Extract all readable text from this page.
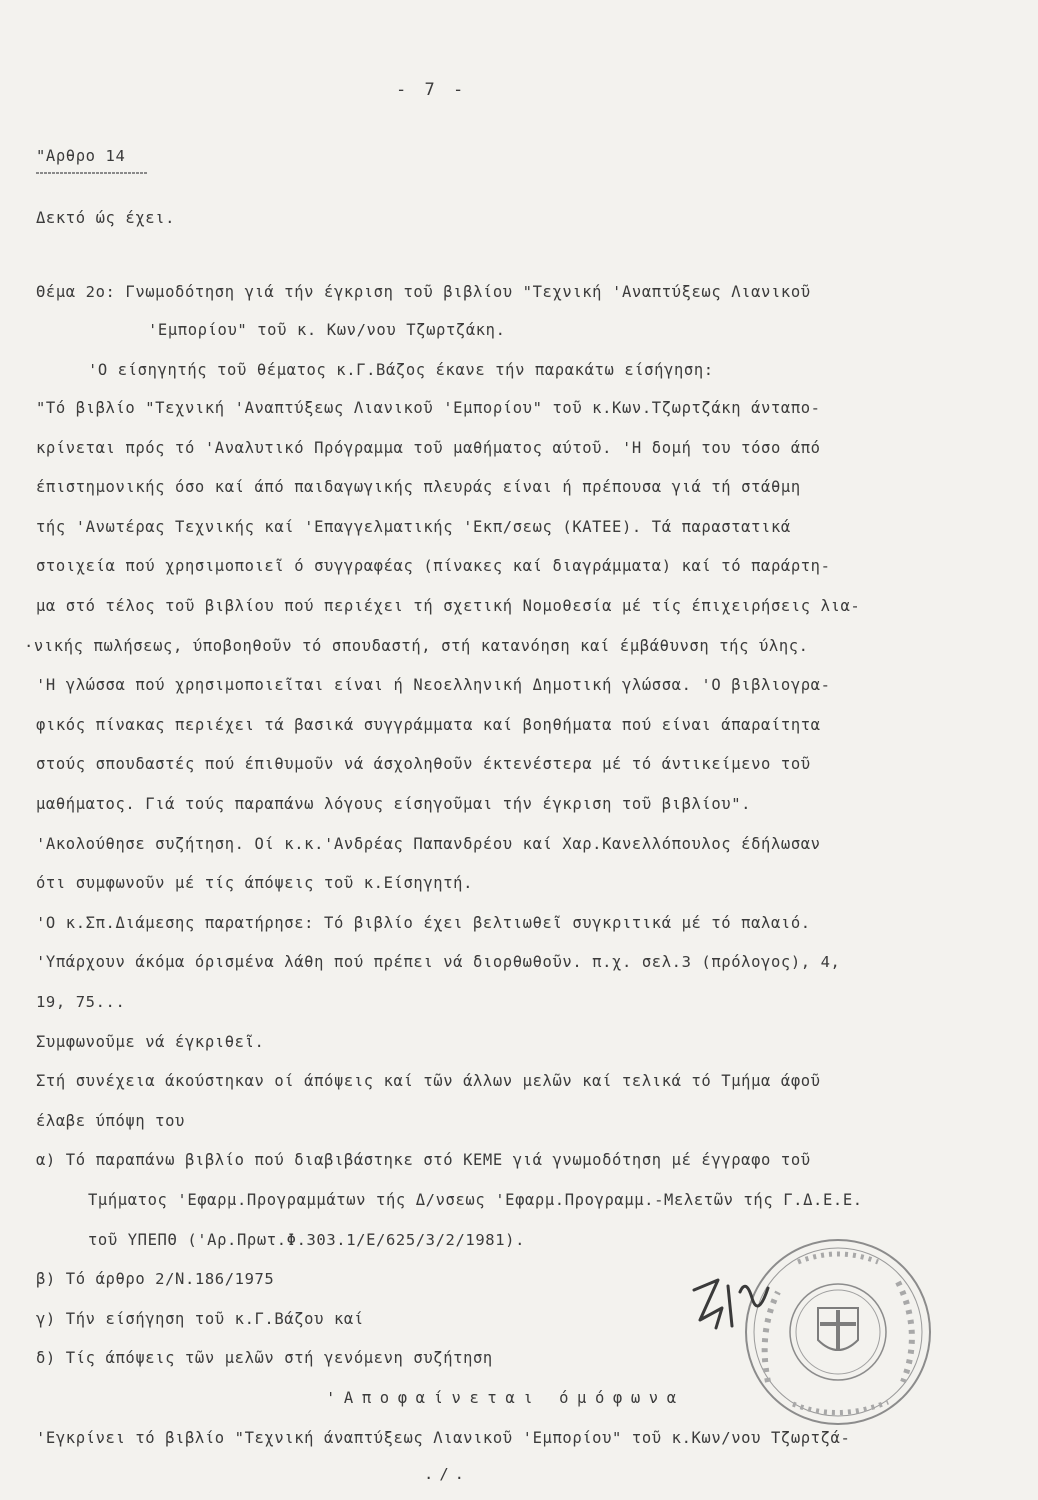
- 7 -
"Αρθρο 14
Δεκτό ώς έχει.
Θέμα 2ο: Γνωμοδότηση γιά τήν έγκριση τοῦ βιβλίου "Τεχνική 'Αναπτύξεως Λιανικοῦ
'Εμπορίου" τοῦ κ. Κων/νου Τζωρτζάκη.
'Ο είσηγητής τοῦ θέματος κ.Γ.Βάζος έκανε τήν παρακάτω είσήγηση:
"Τό βιβλίο "Τεχνική 'Αναπτύξεως Λιανικοῦ 'Εμπορίου" τοῦ κ.Κων.Τζωρτζάκη άνταπο-
κρίνεται πρός τό 'Αναλυτικό Πρόγραμμα τοῦ μαθήματος αύτοῦ. 'Η δομή του τόσο άπό
έπιστημονικής όσο καί άπό παιδαγωγικής πλευράς είναι ή πρέπουσα γιά τή στάθμη
τής 'Ανωτέρας Τεχνικής καί 'Επαγγελματικής 'Εκπ/σεως (ΚΑΤΕΕ). Τά παραστατικά
στοιχεία πού χρησιμοποιεῖ ό συγγραφέας (πίνακες καί διαγράμματα) καί τό παράρτη-
μα στό τέλος τοῦ βιβλίου πού περιέχει τή σχετική Νομοθεσία μέ τίς έπιχειρήσεις λια-
·νικής πωλήσεως, ύποβοηθοῦν τό σπουδαστή, στή κατανόηση καί έμβάθυνση τής ύλης.
'Η γλώσσα πού χρησιμοποιεῖται είναι ή Νεοελληνική Δημοτική γλώσσα. 'Ο βιβλιογρα-
φικός πίνακας περιέχει τά βασικά συγγράμματα καί βοηθήματα πού είναι άπαραίτητα
στούς σπουδαστές πού έπιθυμοῦν νά άσχοληθοῦν έκτενέστερα μέ τό άντικείμενο τοῦ
μαθήματος. Γιά τούς παραπάνω λόγους είσηγοῦμαι τήν έγκριση τοῦ βιβλίου".
'Ακολούθησε συζήτηση. Οί κ.κ.'Ανδρέας Παπανδρέου καί Χαρ.Κανελλόπουλος έδήλωσαν
ότι συμφωνοῦν μέ τίς άπόψεις τοῦ κ.Είσηγητή.
'Ο κ.Σπ.Διάμεσης παρατήρησε: Τό βιβλίο έχει βελτιωθεῖ συγκριτικά μέ τό παλαιό.
'Υπάρχουν άκόμα όρισμένα λάθη πού πρέπει νά διορθωθοῦν. π.χ. σελ.3 (πρόλογος), 4,
19, 75...
Συμφωνοῦμε νά έγκριθεῖ.
Στή συνέχεια άκούστηκαν οί άπόψεις καί τῶν άλλων μελῶν καί τελικά τό Τμήμα άφοῦ
έλαβε ύπόψη του
α) Τό παραπάνω βιβλίο πού διαβιβάστηκε στό ΚΕΜΕ γιά γνωμοδότηση μέ έγγραφο τοῦ
Τμήματος 'Εφαρμ.Προγραμμάτων τής Δ/νσεως 'Εφαρμ.Προγραμμ.-Μελετῶν τής Γ.Δ.Ε.Ε.
τοῦ ΥΠΕΠΘ ('Αρ.Πρωτ.Φ.303.1/Ε/625/3/2/1981).
β) Τό άρθρο 2/Ν.186/1975
γ) Τήν είσήγηση τοῦ κ.Γ.Βάζου καί
δ) Τίς άπόψεις τῶν μελῶν στή γενόμενη συζήτηση
'Αποφαίνεται όμόφωνα
'Εγκρίνει τό βιβλίο "Τεχνική άναπτύξεως Λιανικοῦ 'Εμπορίου" τοῦ κ.Κων/νου Τζωρτζά-
./.
